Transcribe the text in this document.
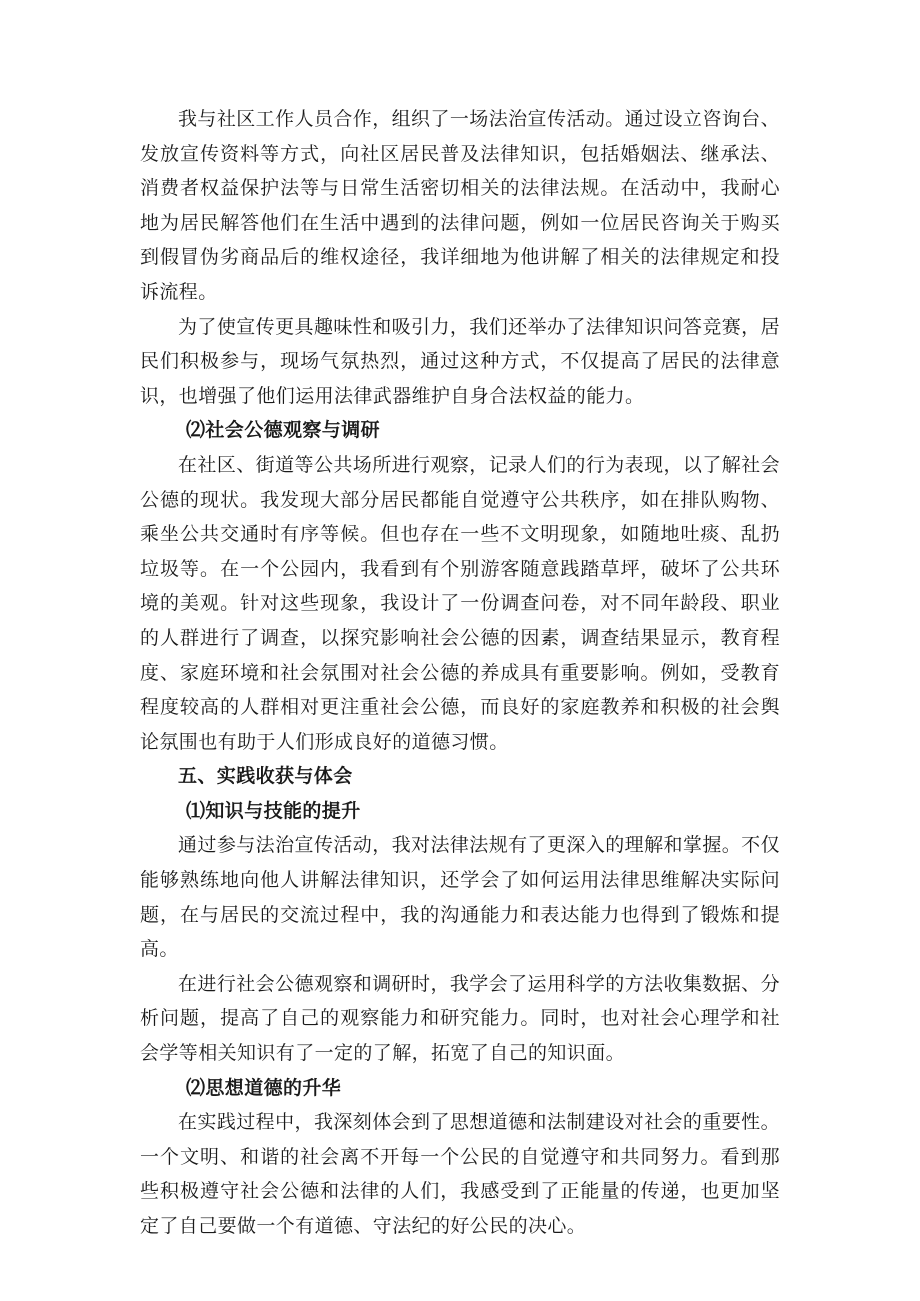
我与社区工作人员合作，组织了一场法治宣传活动。通过设立咨询台、发放宣传资料等方式，向社区居民普及法律知识，包括婚姻法、继承法、消费者权益保护法等与日常生活密切相关的法律法规。在活动中，我耐心地为居民解答他们在生活中遇到的法律问题，例如一位居民咨询关于购买到假冒伪劣商品后的维权途径，我详细地为他讲解了相关的法律规定和投诉流程。

为了使宣传更具趣味性和吸引力，我们还举办了法律知识问答竞赛，居民们积极参与，现场气氛热烈，通过这种方式，不仅提高了居民的法律意识，也增强了他们运用法律武器维护自身合法权益的能力。

⑵社会公德观察与调研

在社区、街道等公共场所进行观察，记录人们的行为表现，以了解社会公德的现状。我发现大部分居民都能自觉遵守公共秩序，如在排队购物、乘坐公共交通时有序等候。但也存在一些不文明现象，如随地吐痰、乱扔垃圾等。在一个公园内，我看到有个别游客随意践踏草坪，破坏了公共环境的美观。针对这些现象，我设计了一份调查问卷，对不同年龄段、职业的人群进行了调查，以探究影响社会公德的因素，调查结果显示，教育程度、家庭环境和社会氛围对社会公德的养成具有重要影响。例如，受教育程度较高的人群相对更注重社会公德，而良好的家庭教养和积极的社会舆论氛围也有助于人们形成良好的道德习惯。

五、实践收获与体会

⑴知识与技能的提升

通过参与法治宣传活动，我对法律法规有了更深入的理解和掌握。不仅能够熟练地向他人讲解法律知识，还学会了如何运用法律思维解决实际问题，在与居民的交流过程中，我的沟通能力和表达能力也得到了锻炼和提高。

在进行社会公德观察和调研时，我学会了运用科学的方法收集数据、分析问题，提高了自己的观察能力和研究能力。同时，也对社会心理学和社会学等相关知识有了一定的了解，拓宽了自己的知识面。

⑵思想道德的升华

在实践过程中，我深刻体会到了思想道德和法制建设对社会的重要性。一个文明、和谐的社会离不开每一个公民的自觉遵守和共同努力。看到那些积极遵守社会公德和法律的人们，我感受到了正能量的传递，也更加坚定了自己要做一个有道德、守法纪的好公民的决心。
